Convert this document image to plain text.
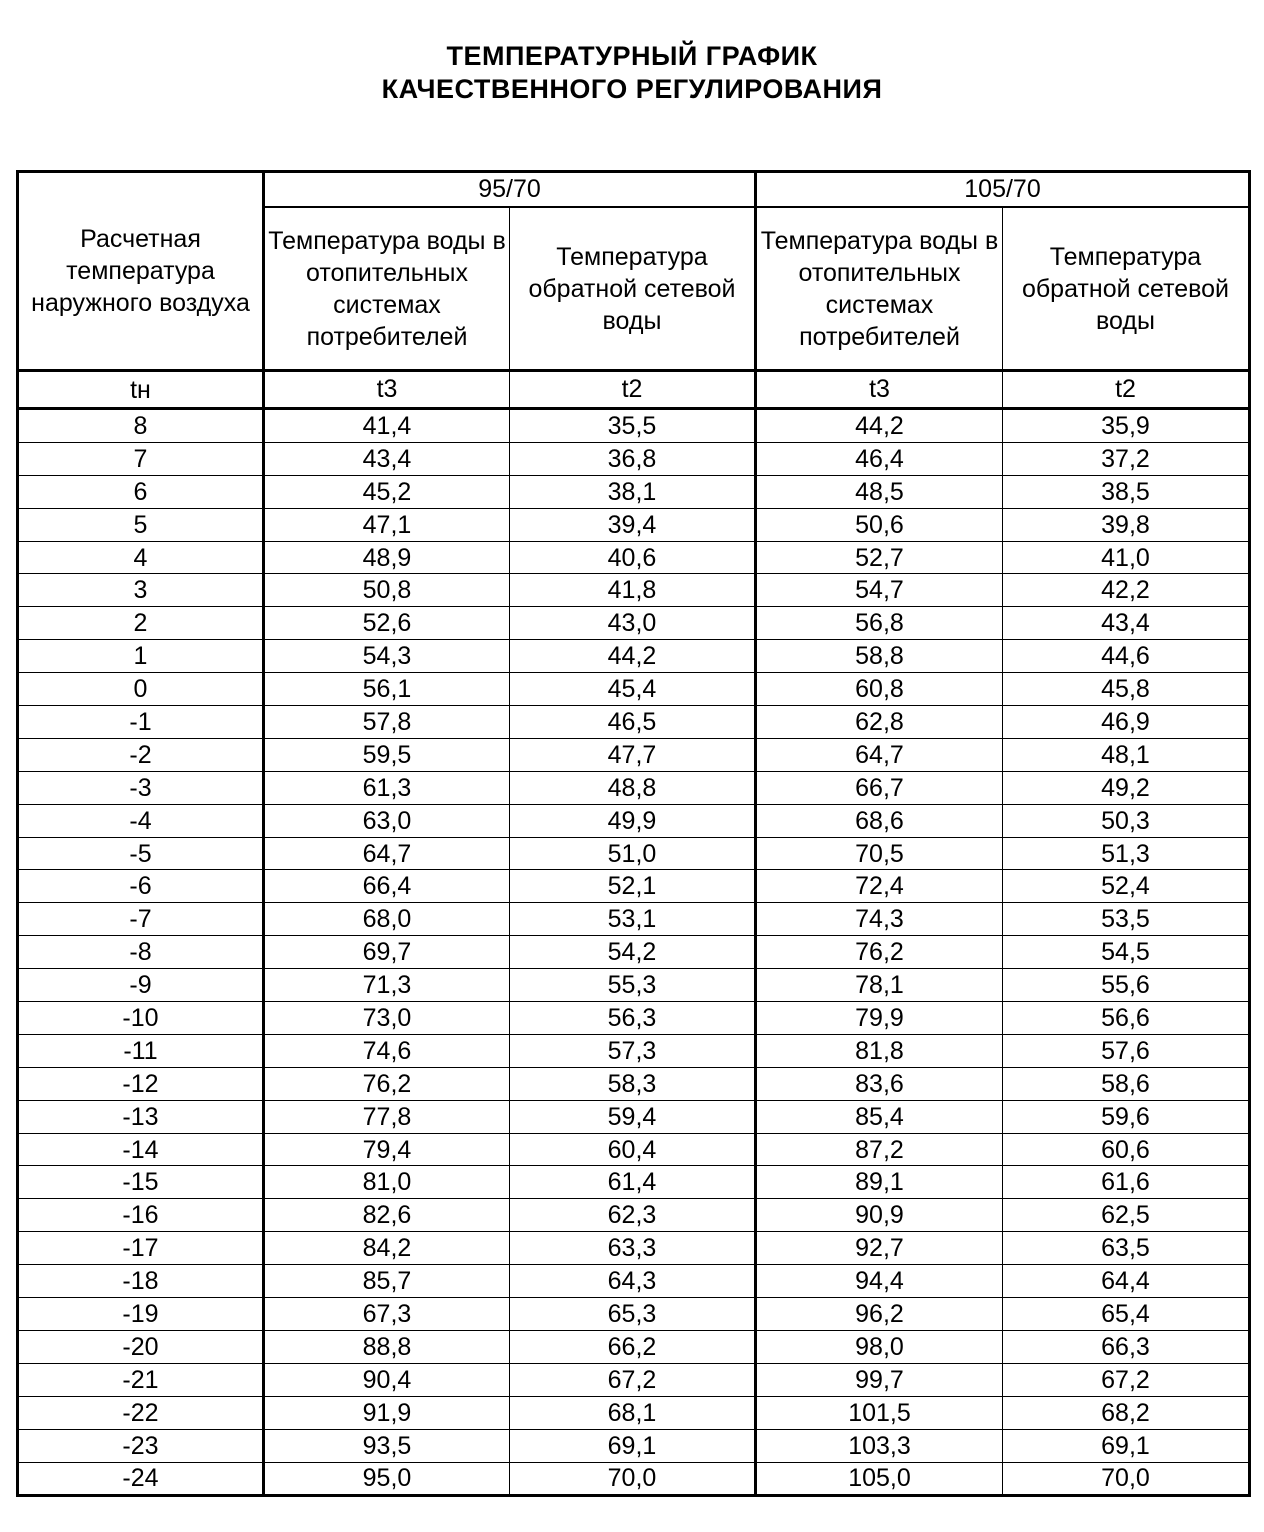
ТЕМПЕРАТУРНЫЙ ГРАФИК
КАЧЕСТВЕННОГО РЕГУЛИРОВАНИЯ
Расчетная температура наружного воздуха	95/70		105/70	
	Температура воды в отопительных системах потребителей	Температура обратной сетевой воды	Температура воды в отопительных системах потребителей	Температура обратной сетевой воды
tн	t3	t2	t3	t2
8	41,4	35,5	44,2	35,9
7	43,4	36,8	46,4	37,2
6	45,2	38,1	48,5	38,5
5	47,1	39,4	50,6	39,8
4	48,9	40,6	52,7	41,0
3	50,8	41,8	54,7	42,2
2	52,6	43,0	56,8	43,4
1	54,3	44,2	58,8	44,6
0	56,1	45,4	60,8	45,8
-1	57,8	46,5	62,8	46,9
-2	59,5	47,7	64,7	48,1
-3	61,3	48,8	66,7	49,2
-4	63,0	49,9	68,6	50,3
-5	64,7	51,0	70,5	51,3
-6	66,4	52,1	72,4	52,4
-7	68,0	53,1	74,3	53,5
-8	69,7	54,2	76,2	54,5
-9	71,3	55,3	78,1	55,6
-10	73,0	56,3	79,9	56,6
-11	74,6	57,3	81,8	57,6
-12	76,2	58,3	83,6	58,6
-13	77,8	59,4	85,4	59,6
-14	79,4	60,4	87,2	60,6
-15	81,0	61,4	89,1	61,6
-16	82,6	62,3	90,9	62,5
-17	84,2	63,3	92,7	63,5
-18	85,7	64,3	94,4	64,4
-19	67,3	65,3	96,2	65,4
-20	88,8	66,2	98,0	66,3
-21	90,4	67,2	99,7	67,2
-22	91,9	68,1	101,5	68,2
-23	93,5	69,1	103,3	69,1
-24	95,0	70,0	105,0	70,0
